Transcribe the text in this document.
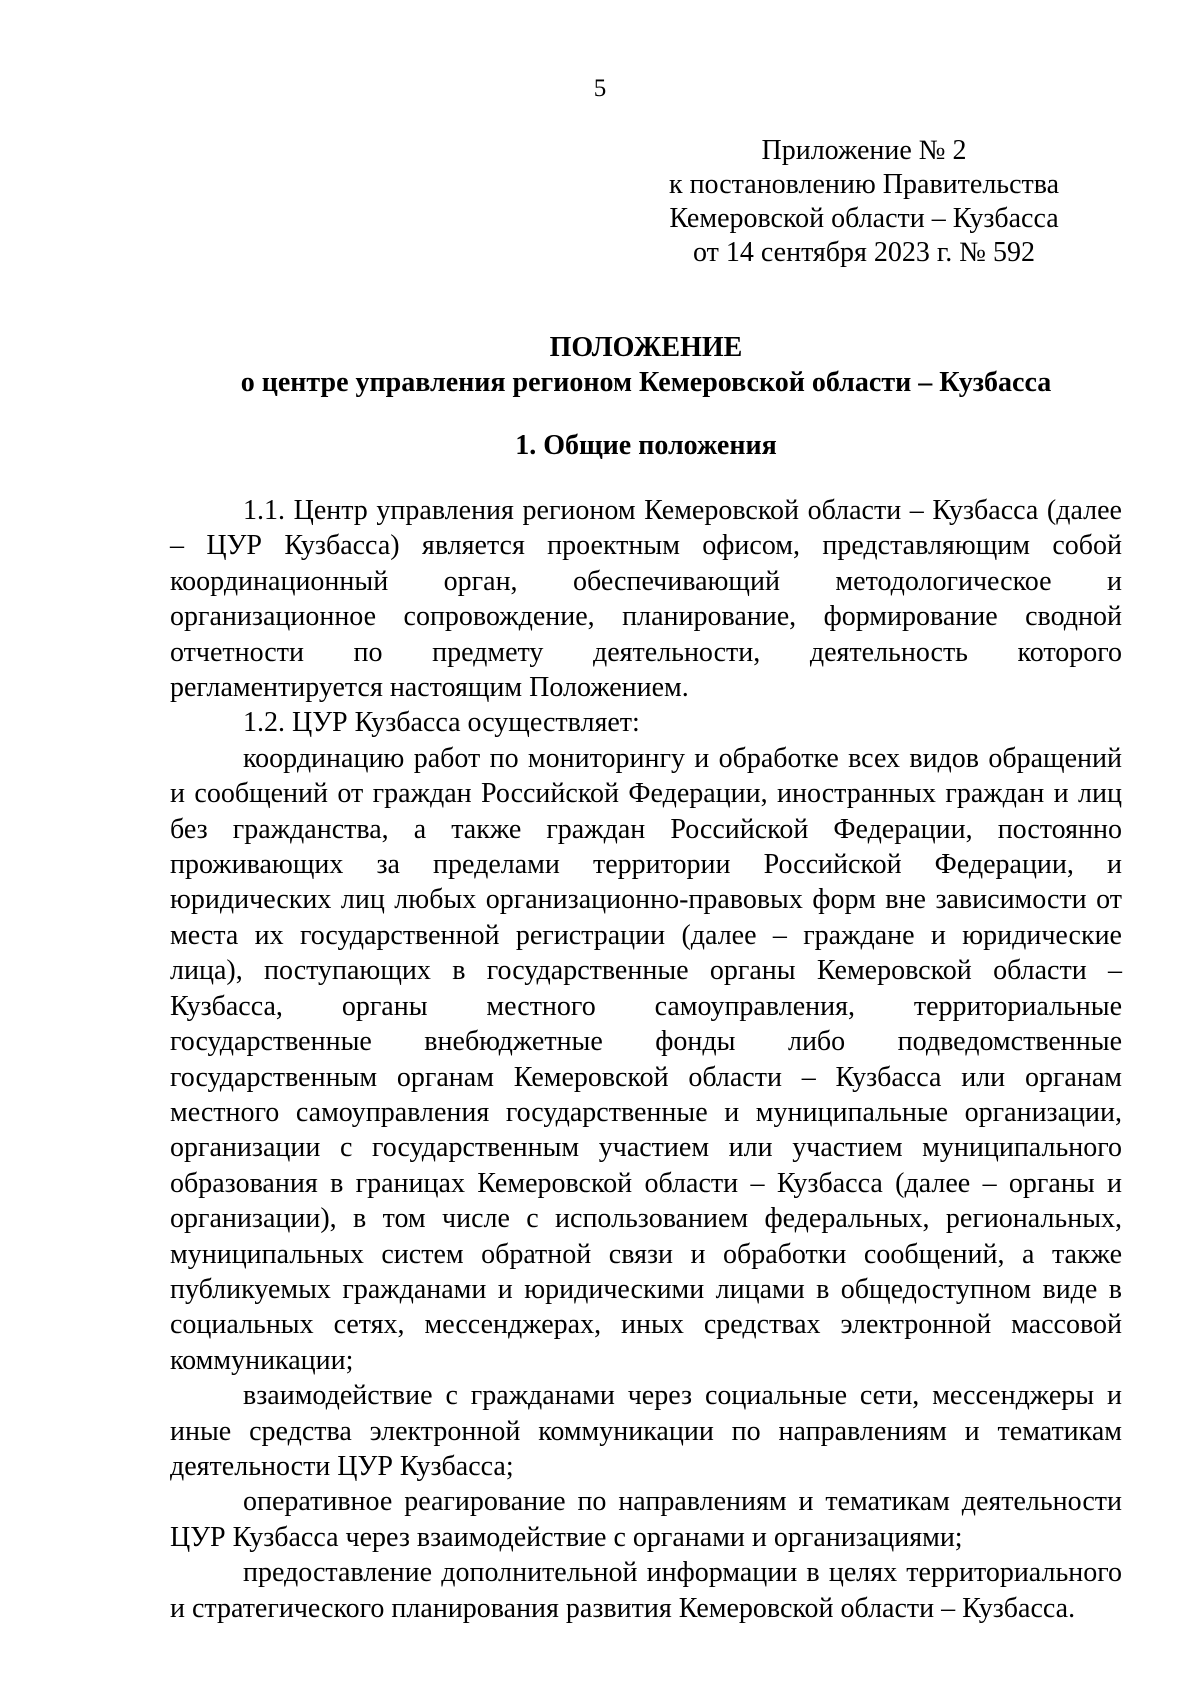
5
Приложение № 2
к постановлению Правительства
Кемеровской области – Кузбасса
от 14 сентября 2023 г. № 592
ПОЛОЖЕНИЕ
о центре управления регионом Кемеровской области – Кузбасса
1. Общие положения

1.1. Центр управления регионом Кемеровской области – Кузбасса (далее – ЦУР Кузбасса) является проектным офисом, представляющим собой координационный орган, обеспечивающий методологическое и организационное сопровождение, планирование, формирование сводной отчетности по предмету деятельности, деятельность которого регламентируется настоящим Положением.

1.2. ЦУР Кузбасса осуществляет:

координацию работ по мониторингу и обработке всех видов обращений и сообщений от граждан Российской Федерации, иностранных граждан и лиц без гражданства, а также граждан Российской Федерации, постоянно проживающих за пределами территории Российской Федерации, и юридических лиц любых организационно-правовых форм вне зависимости от места их государственной регистрации (далее – граждане и юридические лица), поступающих в государственные органы Кемеровской области – Кузбасса, органы местного самоуправления, территориальные государственные внебюджетные фонды либо подведомственные государственным органам Кемеровской области – Кузбасса или органам местного самоуправления государственные и муниципальные организации, организации с государственным участием или участием муниципального образования в границах Кемеровской области – Кузбасса (далее – органы и организации), в том числе с использованием федеральных, региональных, муниципальных систем обратной связи и обработки сообщений, а также публикуемых гражданами и юридическими лицами в общедоступном виде в социальных сетях, мессенджерах, иных средствах электронной массовой коммуникации;

взаимодействие с гражданами через социальные сети, мессенджеры и иные средства электронной коммуникации по направлениям и тематикам деятельности ЦУР Кузбасса;

оперативное реагирование по направлениям и тематикам деятельности ЦУР Кузбасса через взаимодействие с органами и организациями;

предоставление дополнительной информации в целях территориального и стратегического планирования развития Кемеровской области – Кузбасса.
